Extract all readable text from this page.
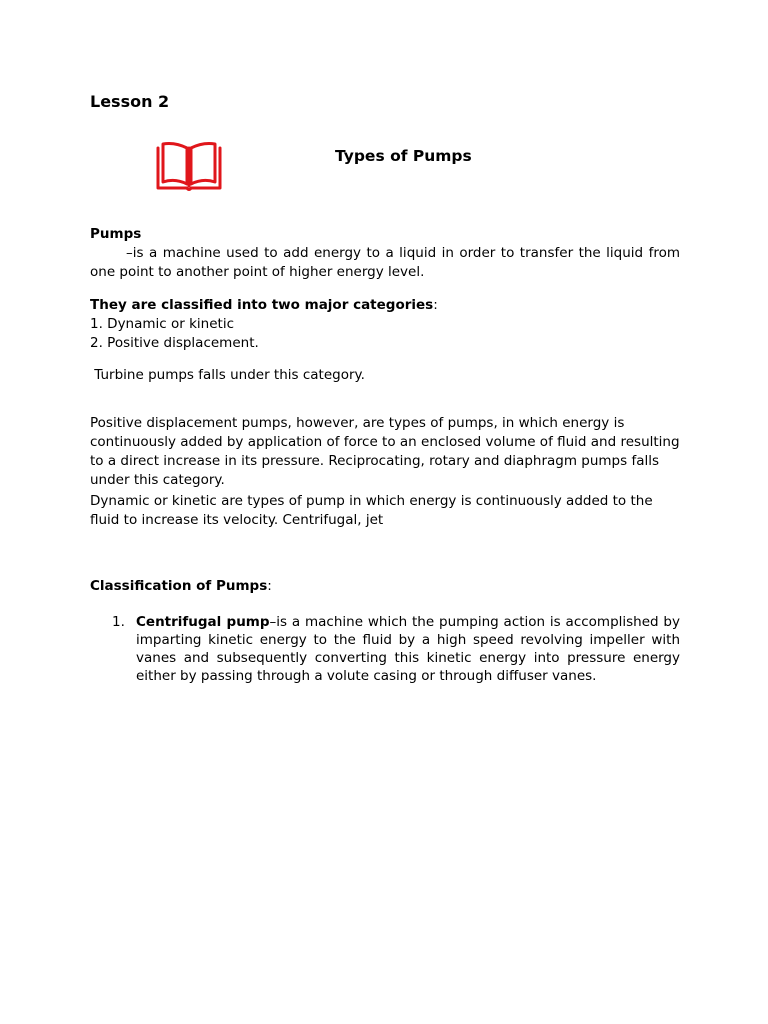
Lesson 2
Types of Pumps
Pumps
–is a machine used to add energy to a liquid in order to transfer the liquid from one point to another point of higher energy level.
They are classified into two major categories:
1. Dynamic or kinetic
2. Positive displacement.
Turbine pumps falls under this category.
Positive displacement pumps, however, are types of pumps, in which energy is continuously added by application of force to an enclosed volume of fluid and resulting to a direct increase in its pressure. Reciprocating, rotary and diaphragm pumps falls under this category.
Dynamic or kinetic are types of pump in which energy is continuously added to the fluid to increase its velocity. Centrifugal, jet
Classification of Pumps:
1. Centrifugal pump–is a machine which the pumping action is accomplished by imparting kinetic energy to the fluid by a high speed revolving impeller with vanes and subsequently converting this kinetic energy into pressure energy either by passing through a volute casing or through diffuser vanes.
